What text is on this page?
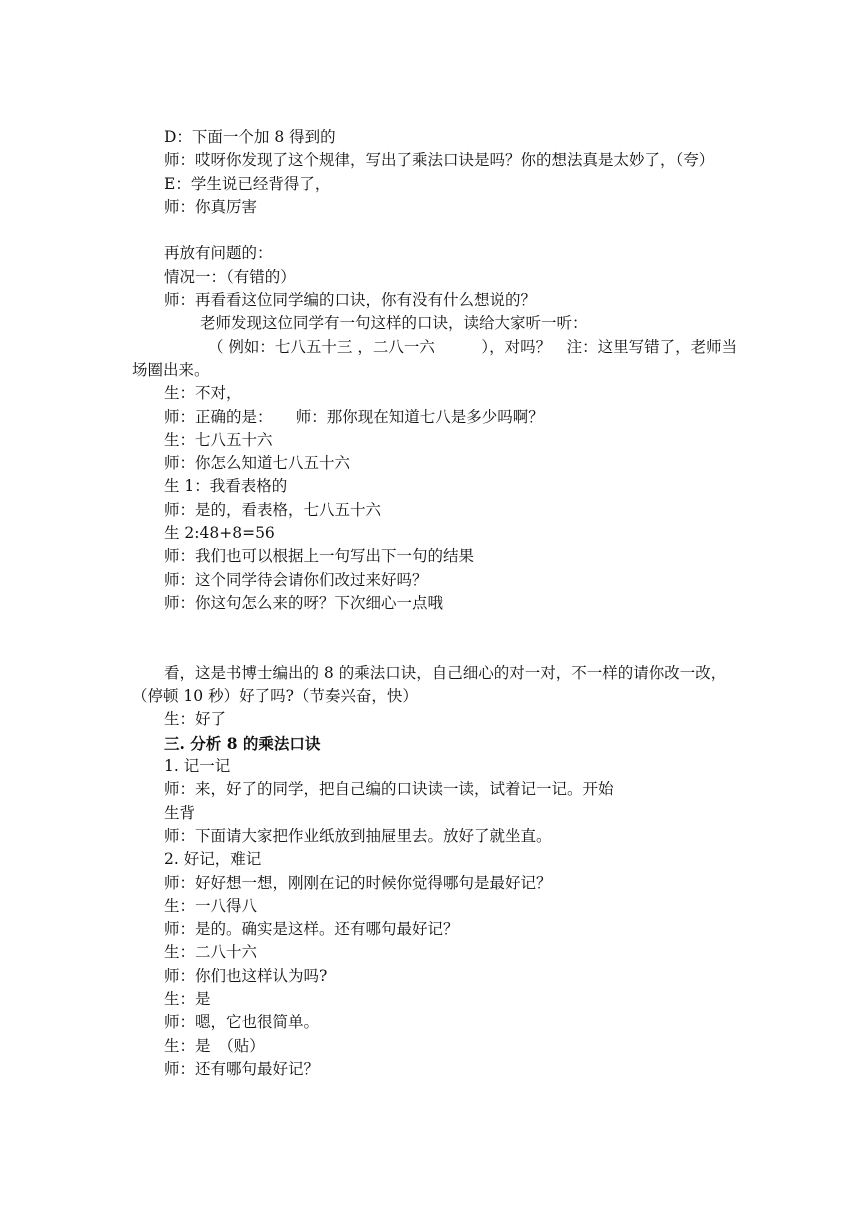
D：下面一个加 8 得到的

师：哎呀你发现了这个规律，写出了乘法口诀是吗？你的想法真是太妙了，（夸）

E：学生说已经背得了，

师：你真厉害

再放有问题的：

情况一：（有错的）

师：再看看这位同学编的口诀，你有没有什么想说的？

老师发现这位同学有一句这样的口诀，读给大家听一听：

（ 例如：七八五十三 ，二八一六　　　），对吗？　注：这里写错了，老师当场圈出来。

生：不对，

师：正确的是：　　师：那你现在知道七八是多少吗啊？

生：七八五十六

师：你怎么知道七八五十六

生 1：我看表格的

师：是的，看表格，七八五十六

生 2:48+8=56

师：我们也可以根据上一句写出下一句的结果

师：这个同学待会请你们改过来好吗？

师：你这句怎么来的呀？下次细心一点哦

看，这是书博士编出的 8 的乘法口诀，自己细心的对一对，不一样的请你改一改，（停顿 10 秒）好了吗?（节奏兴奋，快）

生：好了

三. 分析 8 的乘法口诀

1. 记一记

师：来，好了的同学，把自己编的口诀读一读，试着记一记。开始

生背

师：下面请大家把作业纸放到抽屉里去。放好了就坐直。

2. 好记，难记

师：好好想一想，刚刚在记的时候你觉得哪句是最好记？

生：一八得八

师：是的。确实是这样。还有哪句最好记？

生：二八十六

师：你们也这样认为吗?

生：是

师：嗯，它也很简单。

生：是　（贴）

师：还有哪句最好记？
